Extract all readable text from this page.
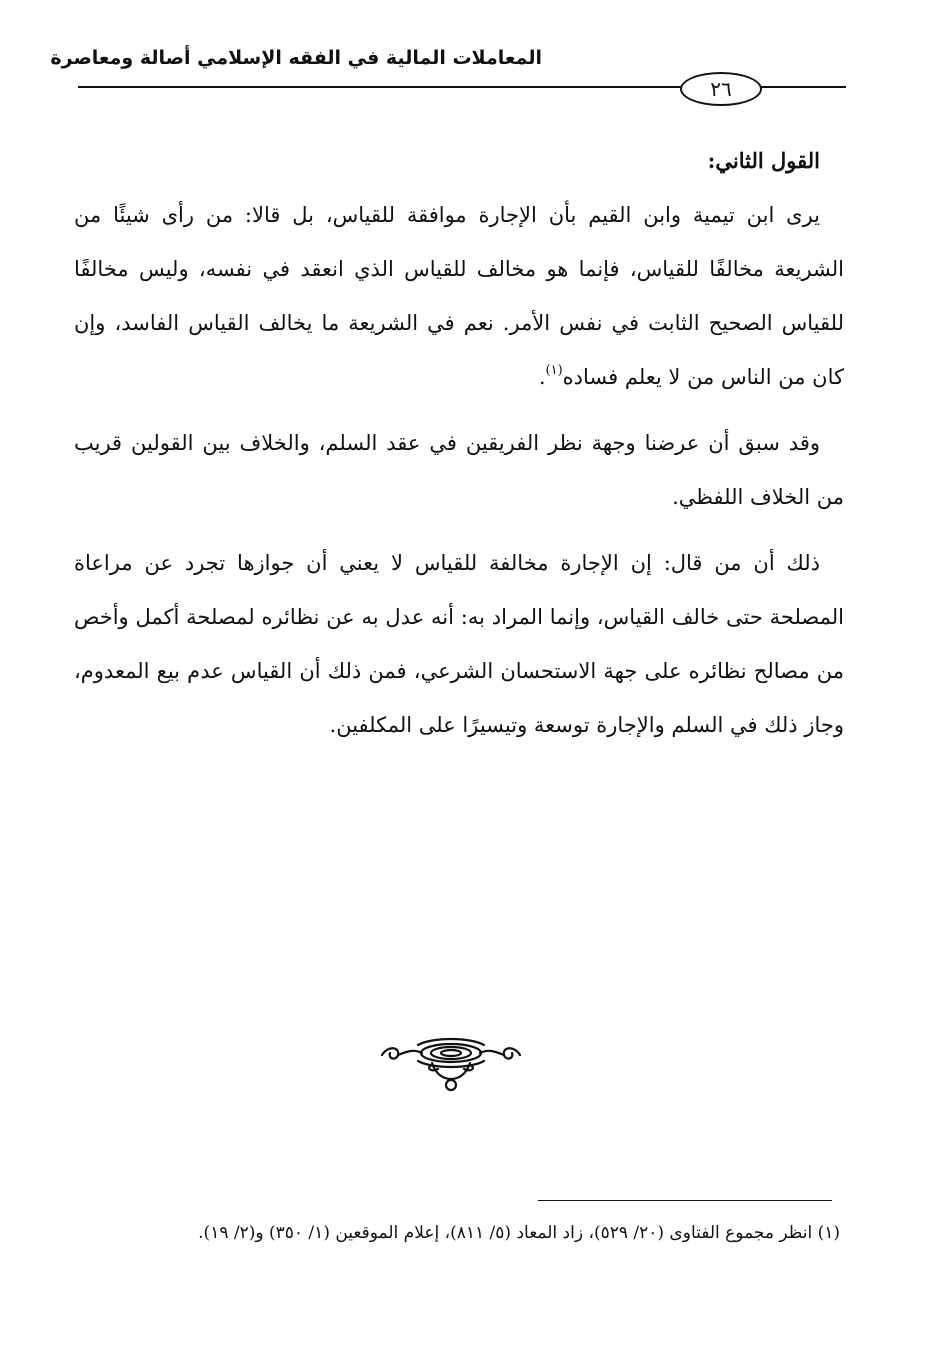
المعاملات المالية في الفقه الإسلامي أصالة ومعاصرة
٢٦

القول الثاني:

يرى ابن تيمية وابن القيم بأن الإجارة موافقة للقياس، بل قالا: من رأى شيئًا من الشريعة مخالفًا للقياس، فإنما هو مخالف للقياس الذي انعقد في نفسه، وليس مخالفًا للقياس الصحيح الثابت في نفس الأمر. نعم في الشريعة ما يخالف القياس الفاسد، وإن كان من الناس من لا يعلم فساده$^{(١)}$.

وقد سبق أن عرضنا وجهة نظر الفريقين في عقد السلم، والخلاف بين القولين قريب من الخلاف اللفظي.

ذلك أن من قال: إن الإجارة مخالفة للقياس لا يعني أن جوازها تجرد عن مراعاة المصلحة حتى خالف القياس، وإنما المراد به: أنه عدل به عن نظائره لمصلحة أكمل وأخص من مصالح نظائره على جهة الاستحسان الشرعي، فمن ذلك أن القياس عدم بيع المعدوم، وجاز ذلك في السلم والإجارة توسعة وتيسيرًا على المكلفين.

(١) انظر مجموع الفتاوى (٢٠/ ٥٢٩)، زاد المعاد (٥/ ٨١١)، إعلام الموقعين (١/ ٣٥٠) و(٢/ ١٩).
